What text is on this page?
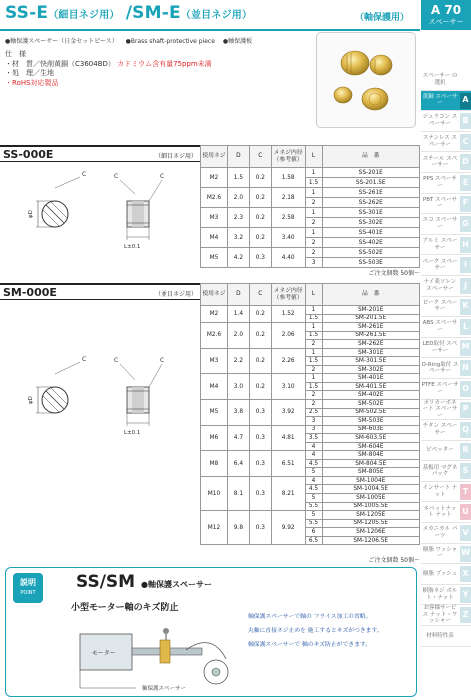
SS-E（細目ネジ用） /SM-E（並目ネジ用）	（軸保護用）
A 70
スペーサー
●軸保護スペーサー（日金セットピース） ●Brass shaft-protective piece ●軸保護板
仕　様
・材　質／快削黄銅（C3604BD） カドミウム含有量75ppm未満
・処　理／生地
・RoHS対応製品
スペーサー の選択
黄銅 スペーサー	A
ジュラコン スペーサー	B
ステンレス スペーサー	C
スチール スペーサー	D
PPS スペーサー	E
PBT スペーサー	F
エコ スペーサー	G
アルミ スペーサー	H
ペーク スペーサー	I
ナイ菱ソレン スペーサー	J
ピーク スペーサー	K
ABS スペーサー	L
LED取付 スペーサー	M
O-Ring取付 スペーサー	N
PTFE スペーサー	O
ポリカーボネート スペーサー
P
チタン スペーサー	Q
ピペッター	R
基板用 マグネパック	S
インサート ナット	T
ネベットナット ナット	U
メカニカル パーツ	V
樹脂 ワッシャー	W
樹脂 ブッシュ X
樹脂ネジ ボルト・ナット	Y
お客様サービス ナット・ワッシャー
Z
材料特性表
SS-000E	（細目ネジ用）
φD
C	C	C
L±0.1
使用ネジ	D	C	メネジ内径（参考値）	L	品　番
M2	1.5	0.2	1.58	1	SS-201E
				1.5	SS-201.5E
M2.6	2.0	0.2	2.18	1	SS-261E
				2	SS-262E
M3	2.3	0.2	2.58	1	SS-301E
				2	SS-302E
M4	3.2	0.2	3.40	1	SS-401E
				2	SS-402E
M5	4.2	0.3	4.40	2	SS-502E
				3	SS-503E
ご注文個数 50個〜
SM-000E	（並目ネジ用）
φD
C	C	C
L±0.1
使用ネジ	D	C	メネジ内径（参考値）	L	品　番
M2	1.4	0.2	1.52	1	SM-201E
				1.5	SM-201.5E
M2.6	2.0	0.2	2.06	1	SM-261E
				1.5	SM-261.5E
				2	SM-262E
M3	2.2	0.2	2.26	1	SM-301E
				1.5	SM-301.5E
				2	SM-302E
M4	3.0	0.2	3.10	1	SM-401E
				1.5	SM-401.5E
				2	SM-402E
M5	3.8	0.3	3.92	2	SM-502E
				2.5	SM-502.5E
				3	SM-503E
M6	4.7	0.3	4.81	3	SM-603E
				3.5	SM-603.5E
				4	SM-604E
M8	6.4	0.3	6.51	4	SM-804E
				4.5	SM-804.5E
				5	SM-805E
M10	8.1	0.3	8.21	4	SM-1004E
				4.5	SM-1004.5E
				5	SM-1005E
				5.5	SM-1005.5E
M12	9.8	0.3	9.92	5	SM-1205E
				5.5	SM-1205.5E
				6	SM-1206E
				6.5	SM-1206.5E
ご注文個数 50個〜
説明
POINT
SS/SM ●軸保護スペーサー
小型モーター軸のキズ防止
軸保護スペーサーで軸の フライス加工の省略。
丸軸に直接ネジ止めを 施工するとキズがつきます。
軸保護スペーサーで 軸のキズ防止ができます。
モーター
軸保護スペーサー
